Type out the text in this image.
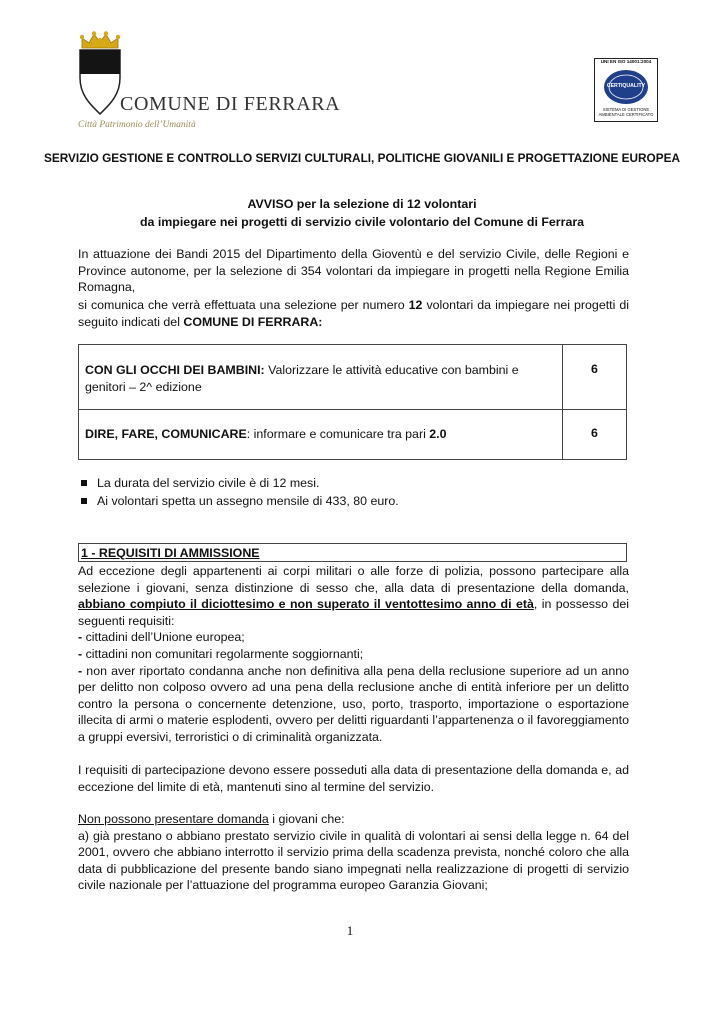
COMUNE DI FERRARA
Città Patrimonio dell’Umanità
UNI EN ISO 14001:2004
CERTIQUALITY
SISTEMA DI GESTIONE
AMBIENTALE CERTIFICATO
SERVIZIO GESTIONE E CONTROLLO SERVIZI CULTURALI, POLITICHE GIOVANILI E PROGETTAZIONE EUROPEA
AVVISO per la selezione di 12 volontari
da impiegare nei progetti di servizio civile volontario del Comune di Ferrara
In attuazione dei Bandi 2015 del Dipartimento della Gioventù e del servizio Civile, delle Regioni e Province autonome, per la selezione di 354 volontari da impiegare in progetti nella Regione Emilia Romagna,
si comunica che verrà effettuata una selezione per numero 12 volontari da impiegare nei progetti di seguito indicati del COMUNE DI FERRARA:
CON GLI OCCHI DEI BAMBINI: Valorizzare le attività educative con bambini e genitori – 2^ edizione
6
DIRE, FARE, COMUNICARE: informare e comunicare tra pari 2.0	6
La durata del servizio civile è di 12 mesi.
Ai volontari spetta un assegno mensile di 433, 80 euro.
1 - REQUISITI DI AMMISSIONE
Ad eccezione degli appartenenti ai corpi militari o alle forze di polizia, possono partecipare alla selezione i giovani, senza distinzione di sesso che, alla data di presentazione della domanda, abbiano compiuto il diciottesimo e non superato il ventottesimo anno di età, in possesso dei seguenti requisiti:
- cittadini dell’Unione europea;
- cittadini non comunitari regolarmente soggiornanti;
- non aver riportato condanna anche non definitiva alla pena della reclusione superiore ad un anno per delitto non colposo ovvero ad una pena della reclusione anche di entità inferiore per un delitto contro la persona o concernente detenzione, uso, porto, trasporto, importazione o esportazione illecita di armi o materie esplodenti, ovvero per delitti riguardanti l’appartenenza o il favoreggiamento a gruppi eversivi, terroristici o di criminalità organizzata.
I requisiti di partecipazione devono essere posseduti alla data di presentazione della domanda e, ad eccezione del limite di età, mantenuti sino al termine del servizio.
Non possono presentare domanda i giovani che:
a) già prestano o abbiano prestato servizio civile in qualità di volontari ai sensi della legge n. 64 del 2001, ovvero che abbiano interrotto il servizio prima della scadenza prevista, nonché coloro che alla data di pubblicazione del presente bando siano impegnati nella realizzazione di progetti di servizio civile nazionale per l’attuazione del programma europeo Garanzia Giovani;
1
